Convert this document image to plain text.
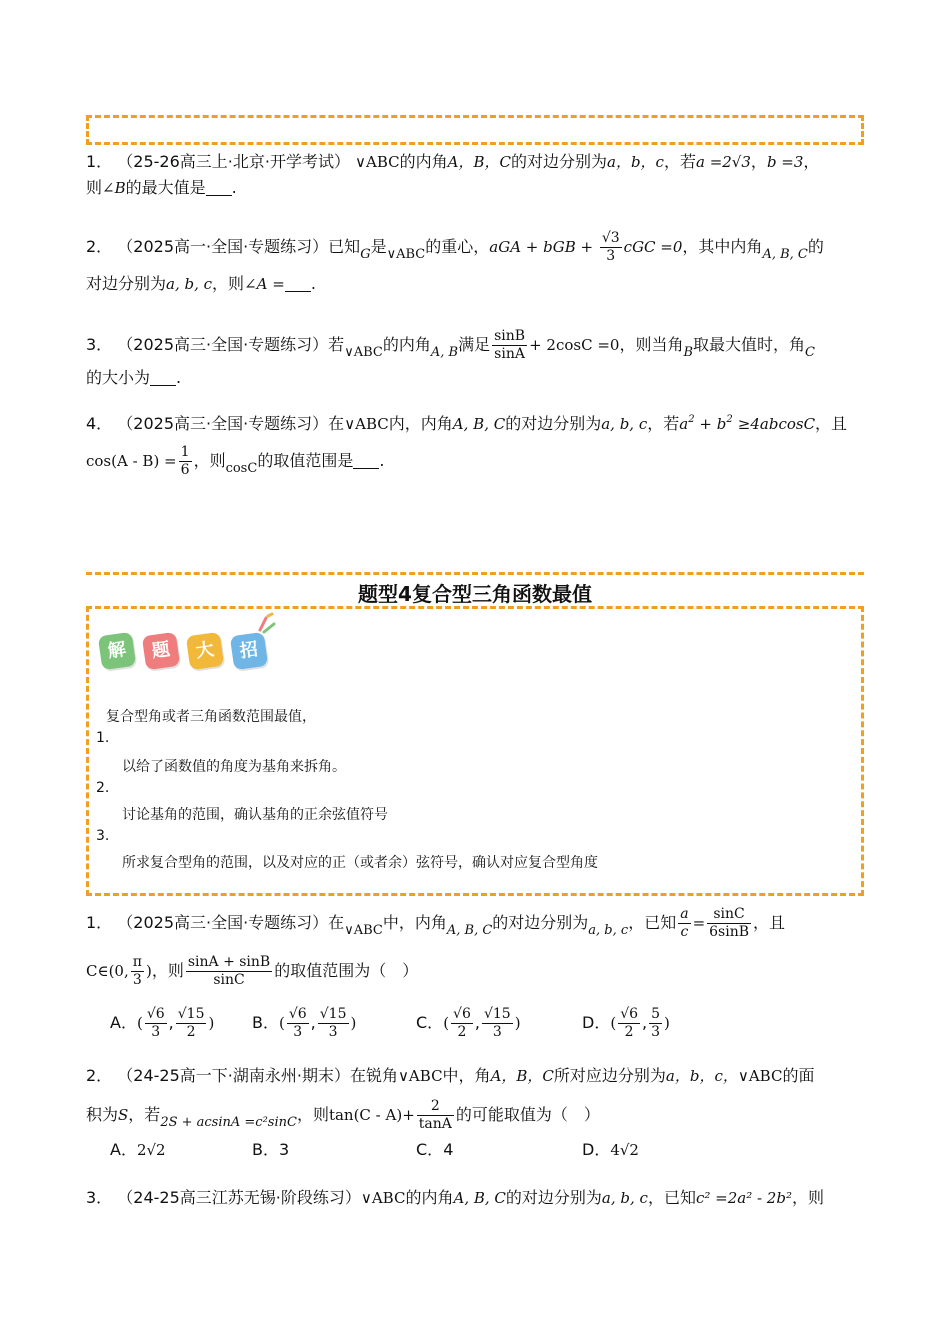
1． （25-26高三上·北京·开学考试） ∨ABC的内角A，B，C的对边分别为a，b，c，若a =2√3，b =3，
则∠B的最大值是 .
2． （2025高一·全国·专题练习）已知$_G$是$_{\vee ABC}$的重心，aGA + bGB + $\frac{√3}{3}$ cGC =0，其中内角$_{A, B, C}$的
对边分别为a, b, c，则∠A = .
3． （2025高三·全国·专题练习）若$_{\vee ABC}$的内角$_{A, B}$满足 $\frac{\sin B}{\sin A} + 2\cos C =0$，则当角$_B$取最大值时，角$_C$
的大小为 .
4． （2025高三·全国·专题练习）在∨ABC内，内角A, B, C的对边分别为a, b, c，若$a^2 + b^2 \ge 4abcosC$，且
$\cos(A - B) = \frac{1}{6}$ ，则$_{cosC}$的取值范围是 .
题型4复合型三角函数最值
解	题	大	招
复合型角或者三角函数范围最值，
1.
以给了函数值的角度为基角来拆角。
2.
讨论基角的范围，确认基角的正余弦值符号
3.
所求复合型角的范围，以及对应的正（或者余）弦符号，确认对应复合型角度
1． （2025高三·全国·专题练习）在$_{\vee ABC}$中，内角$_{A, B, C}$的对边分别为$_{a, b, c}$，已知 $\frac{a}{c} = \frac{\sin C}{6\sin B}$ ，且
C∈(0, $\frac{\pi}{3}$ )，则 $\frac{\sin A + \sin B}{\sin C}$ 的取值范围为（　）
A．( $\frac{√6}{3}$ , $\frac{√15}{2}$ ) B．( $\frac{√6}{3}$ , $\frac{√15}{3}$ )	C．( $\frac{√6}{2}$ , $\frac{√15}{3}$ )	D．( $\frac{√6}{2}$ , $\frac{5}{3}$ )
2． （24-25高一下·湖南永州·期末）在锐角∨ABC中，角A，B，C所对应边分别为a，b，c，∨ABC的面
积为S，若$_{2S + acsinA =c^2sinC}$，则$\tan(C - A)+ \frac{2}{\tan A}$ 的可能取值为（　）
A．2√2	B．3	C．4	D．4√2
3． （24-25高三江苏无锡·阶段练习）∨ABC的内角A, B, C的对边分别为a, b, c，已知c² =2a² - 2b²，则
